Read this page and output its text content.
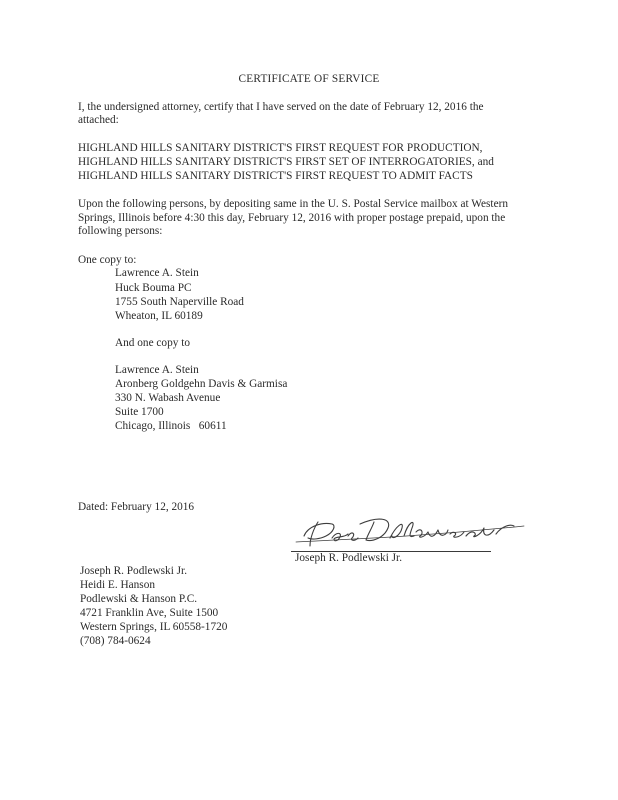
CERTIFICATE OF SERVICE
I, the undersigned attorney, certify that I have served on the date of February 12, 2016 the
attached:
HIGHLAND HILLS SANITARY DISTRICT'S FIRST REQUEST FOR PRODUCTION,
HIGHLAND HILLS SANITARY DISTRICT'S FIRST SET OF INTERROGATORIES, and
HIGHLAND HILLS SANITARY DISTRICT'S FIRST REQUEST TO ADMIT FACTS
Upon the following persons, by depositing same in the U. S. Postal Service mailbox at Western
Springs, Illinois before 4:30 this day, February 12, 2016 with proper postage prepaid, upon the
following persons:
One copy to:
Lawrence A. Stein
Huck Bouma PC
1755 South Naperville Road
Wheaton, IL 60189
And one copy to
Lawrence A. Stein
Aronberg Goldgehn Davis & Garmisa
330 N. Wabash Avenue
Suite 1700
Chicago, Illinois   60611
Dated: February 12, 2016
Joseph R. Podlewski Jr.
Joseph R. Podlewski Jr.
Heidi E. Hanson
Podlewski & Hanson P.C.
4721 Franklin Ave, Suite 1500
Western Springs, IL 60558-1720
(708) 784-0624
